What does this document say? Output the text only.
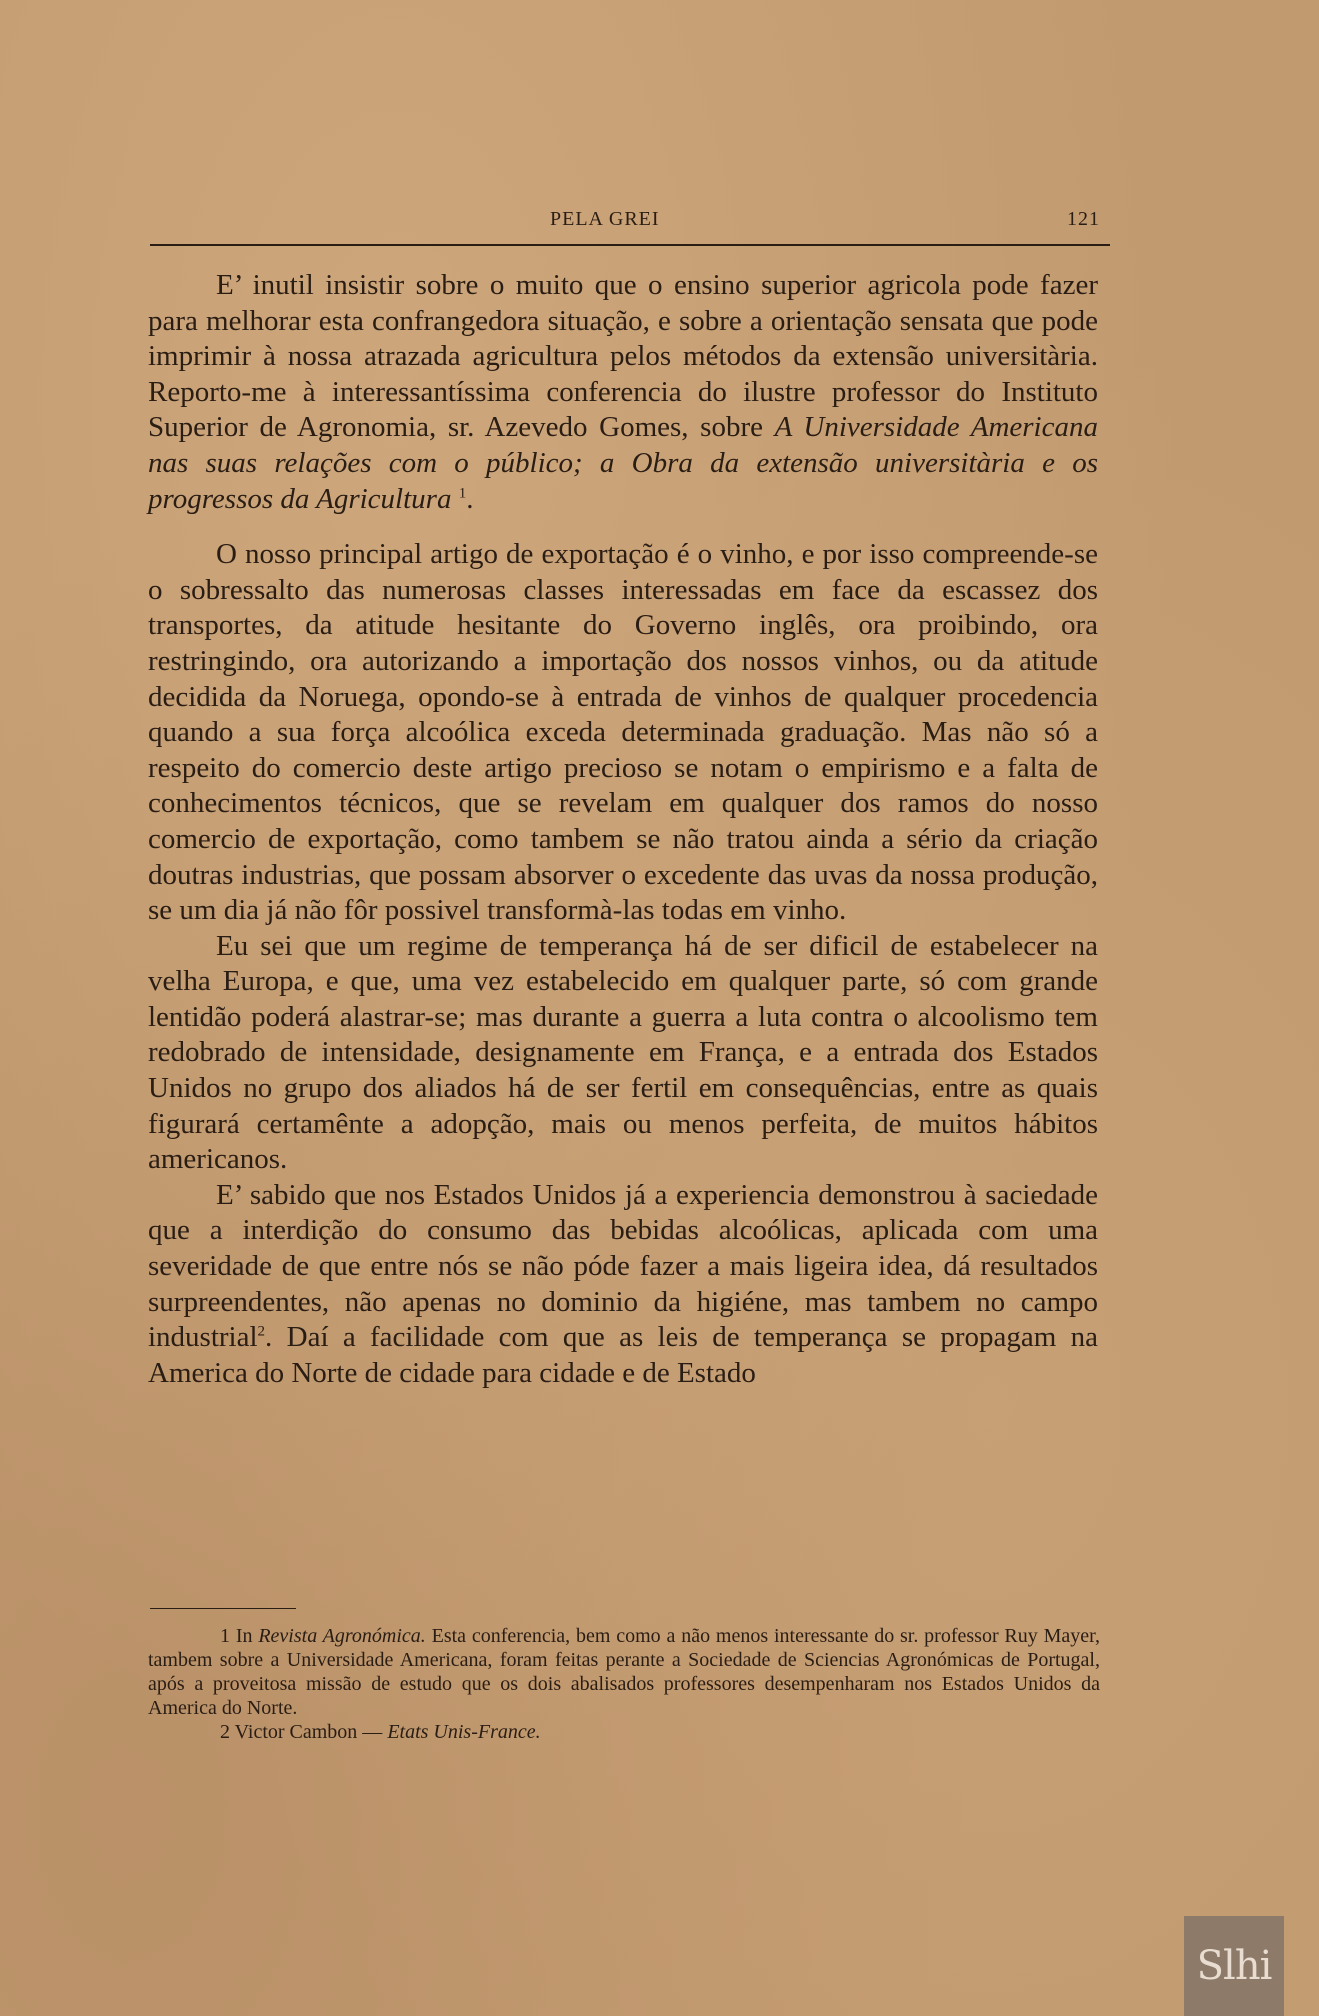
PELA GREI	121

E’ inutil insistir sobre o muito que o ensino superior agricola pode fazer para melhorar esta confrangedora situação, e sobre a orientação sensata que pode imprimir à nossa atrazada agricultura pelos métodos da extensão universitària. Reporto-me à interessantíssima conferencia do ilustre professor do Instituto Superior de Agronomia, sr. Azevedo Gomes, sobre A Universidade Americana nas suas relações com o público; a Obra da extensão universitària e os progressos da Agricultura $^1$.

O nosso principal artigo de exportação é o vinho, e por isso compreende-se o sobressalto das numerosas classes interessadas em face da escassez dos transportes, da atitude hesitante do Governo inglês, ora proibindo, ora restringindo, ora autorizando a importação dos nossos vinhos, ou da atitude decidida da Noruega, opondo-se à entrada de vinhos de qualquer procedencia quando a sua força alcoólica exceda determinada graduação. Mas não só a respeito do comercio deste artigo precioso se notam o empirismo e a falta de conhecimentos técnicos, que se revelam em qualquer dos ramos do nosso comercio de exportação, como tambem se não tratou ainda a sério da criação doutras industrias, que possam absorver o excedente das uvas da nossa produção, se um dia já não fôr possivel transformà-las todas em vinho.

Eu sei que um regime de temperança há de ser dificil de estabelecer na velha Europa, e que, uma vez estabelecido em qualquer parte, só com grande lentidão poderá alastrar-se; mas durante a guerra a luta contra o alcoolismo tem redobrado de intensidade, designamente em França, e a entrada dos Estados Unidos no grupo dos aliados há de ser fertil em consequências, entre as quais figurará certamênte a adopção, mais ou menos perfeita, de muitos hábitos americanos.

E’ sabido que nos Estados Unidos já a experiencia demonstrou à saciedade que a interdição do consumo das bebidas alcoólicas, aplicada com uma severidade de que entre nós se não póde fazer a mais ligeira idea, dá resultados surpreendentes, não apenas no dominio da higiéne, mas tambem no campo industrial$^2$. Daí a facilidade com que as leis de temperança se propagam na America do Norte de cidade para cidade e de Estado

1 In Revista Agronómica. Esta conferencia, bem como a não menos interessante do sr. professor Ruy Mayer, tambem sobre a Universidade Americana, foram feitas perante a Sociedade de Sciencias Agronómicas de Portugal, após a proveitosa missão de estudo que os dois abalisados professores desempenharam nos Estados Unidos da America do Norte.

2 Victor Cambon — Etats Unis-France.

Slhi
